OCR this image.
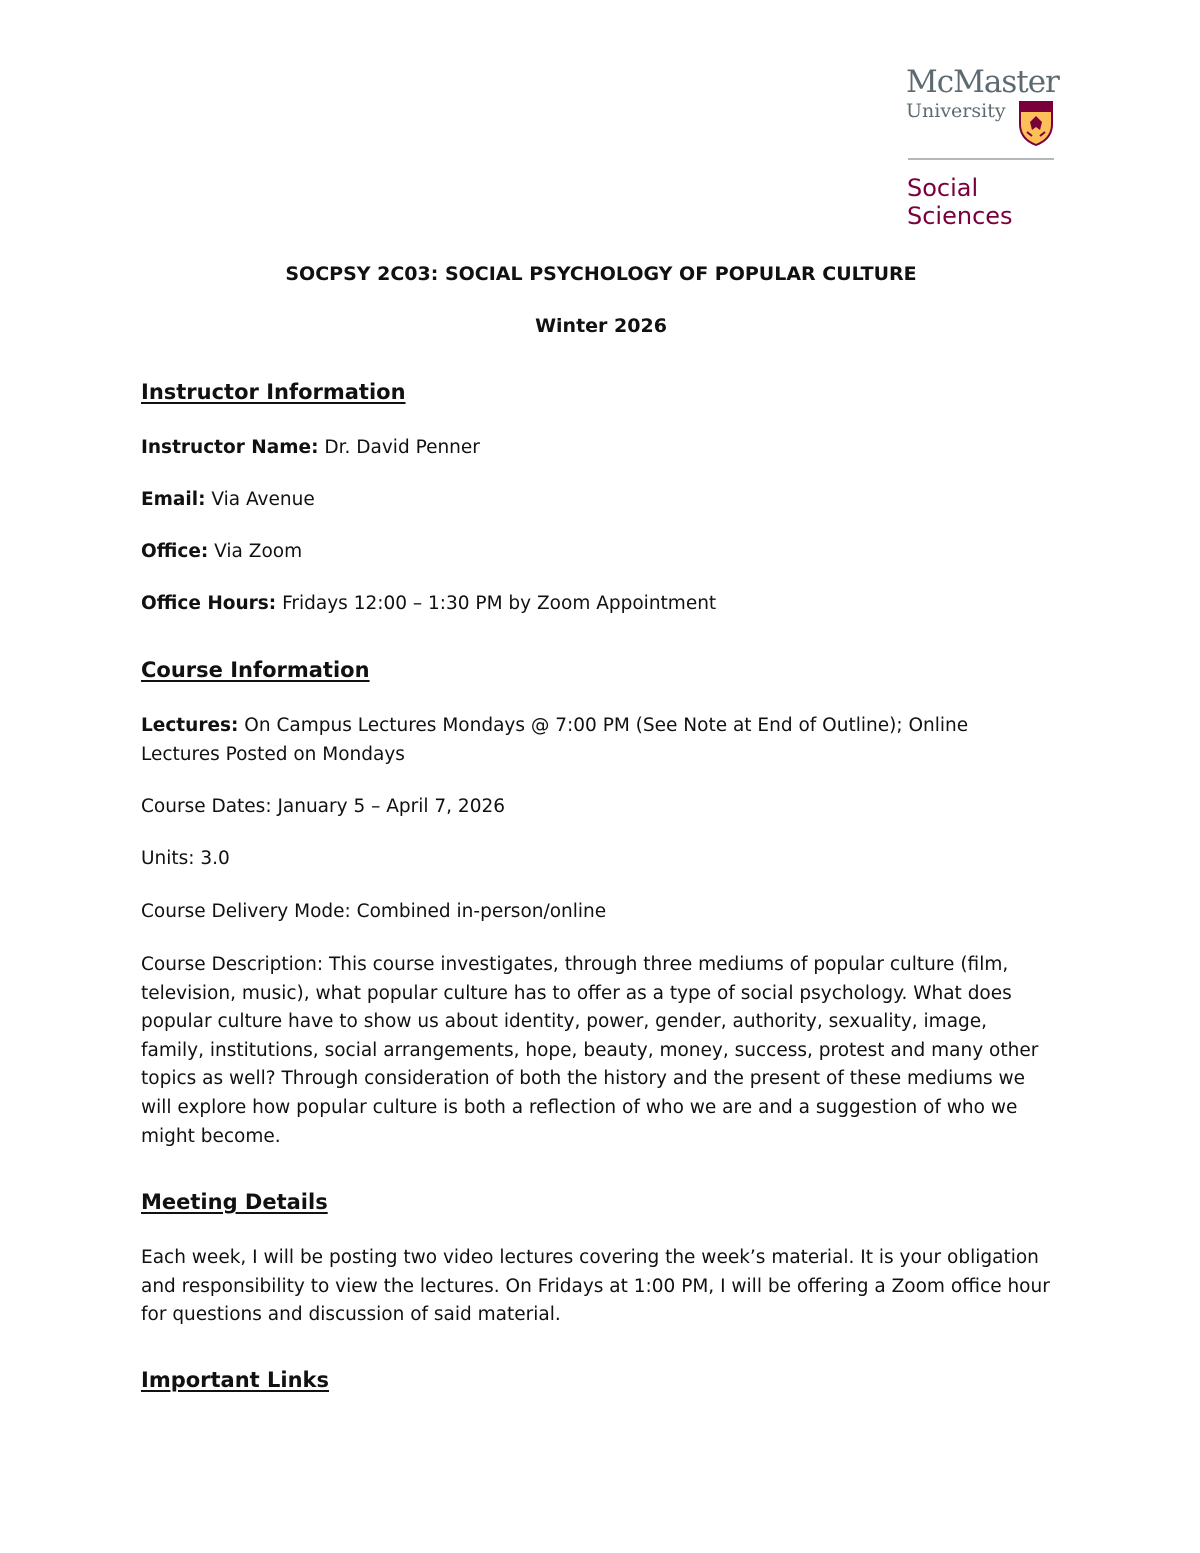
McMaster
University
Social
Sciences
SOCPSY 2C03: SOCIAL PSYCHOLOGY OF POPULAR CULTURE
Winter 2026
Instructor Information
Instructor Name: Dr. David Penner
Email: Via Avenue
Office: Via Zoom
Office Hours: Fridays 12:00 – 1:30 PM by Zoom Appointment
Course Information
Lectures: On Campus Lectures Mondays @ 7:00 PM (See Note at End of Outline); Online Lectures Posted on Mondays
Course Dates: January 5 – April 7, 2026
Units: 3.0
Course Delivery Mode: Combined in-person/online
Course Description: This course investigates, through three mediums of popular culture (film, television, music), what popular culture has to offer as a type of social psychology. What does popular culture have to show us about identity, power, gender, authority, sexuality, image, family, institutions, social arrangements, hope, beauty, money, success, protest and many other topics as well? Through consideration of both the history and the present of these mediums we will explore how popular culture is both a reflection of who we are and a suggestion of who we might become.
Meeting Details
Each week, I will be posting two video lectures covering the week’s material. It is your obligation and responsibility to view the lectures. On Fridays at 1:00 PM, I will be offering a Zoom office hour for questions and discussion of said material.
Important Links
